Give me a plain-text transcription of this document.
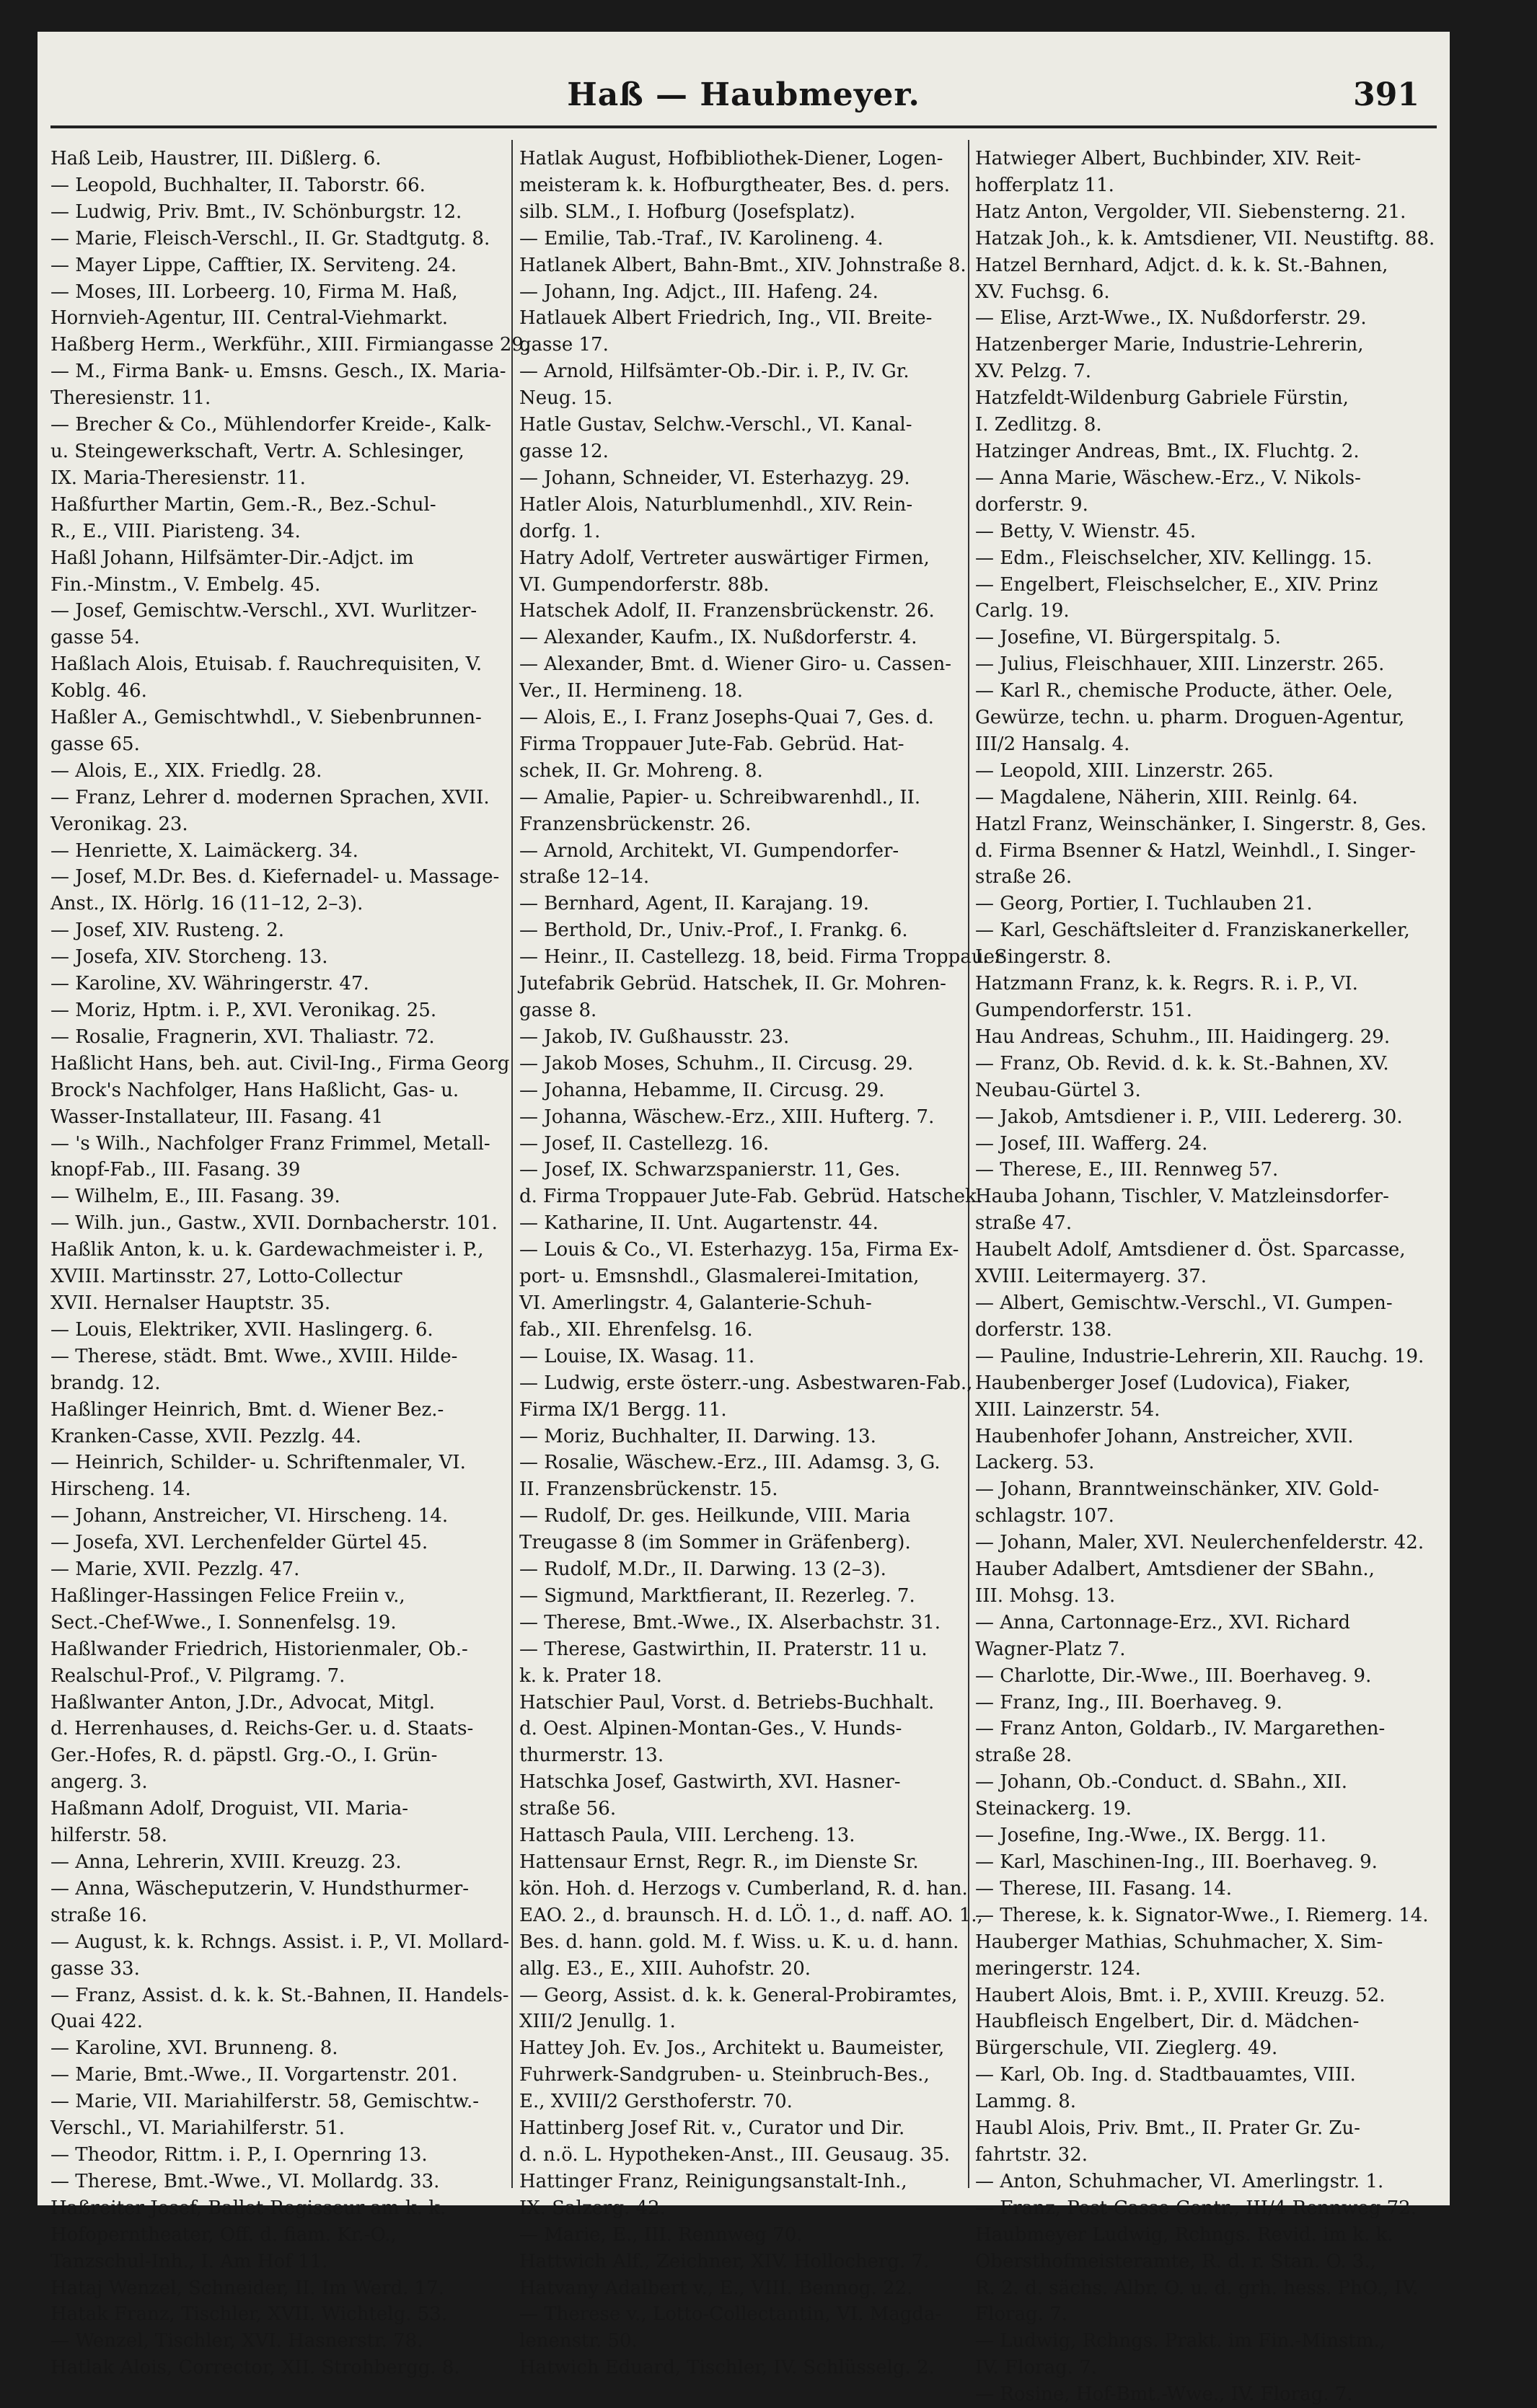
Haß — Haubmeyer.	391
Haß Leib, Haustrer, III. Dißlerg. 6.
— Leopold, Buchhalter, II. Taborstr. 66.
— Ludwig, Priv. Bmt., IV. Schönburgstr. 12.
— Marie, Fleisch-Verschl., II. Gr. Stadtgutg. 8.
— Mayer Lippe, Cafftier, IX. Serviteng. 24.
— Moses, III. Lorbeerg. 10, Firma M. Haß,
Hornvieh-Agentur, III. Central-Viehmarkt.
Haßberg Herm., Werkführ., XIII. Firmiangasse 29.
— M., Firma Bank- u. Emsns. Gesch., IX. Maria-
Theresienstr. 11.
— Brecher & Co., Mühlendorfer Kreide-, Kalk-
u. Steingewerkschaft, Vertr. A. Schlesinger,
IX. Maria-Theresienstr. 11.
Haßfurther Martin, Gem.-R., Bez.-Schul-
R., E., VIII. Piaristeng. 34.
Haßl Johann, Hilfsämter-Dir.-Adjct. im
Fin.-Minstm., V. Embelg. 45.
— Josef, Gemischtw.-Verschl., XVI. Wurlitzer-
gasse 54.
Haßlach Alois, Etuisab. f. Rauchrequisiten, V.
Koblg. 46.
Haßler A., Gemischtwhdl., V. Siebenbrunnen-
gasse 65.
— Alois, E., XIX. Friedlg. 28.
— Franz, Lehrer d. modernen Sprachen, XVII.
Veronikag. 23.
— Henriette, X. Laimäckerg. 34.
— Josef, M.Dr. Bes. d. Kiefernadel- u. Massage-
Anst., IX. Hörlg. 16 (11–12, 2–3).
— Josef, XIV. Rusteng. 2.
— Josefa, XIV. Storcheng. 13.
— Karoline, XV. Währingerstr. 47.
— Moriz, Hptm. i. P., XVI. Veronikag. 25.
— Rosalie, Fragnerin, XVI. Thaliastr. 72.
Haßlicht Hans, beh. aut. Civil-Ing., Firma Georg
Brock's Nachfolger, Hans Haßlicht, Gas- u.
Wasser-Installateur, III. Fasang. 41
— 's Wilh., Nachfolger Franz Frimmel, Metall-
knopf-Fab., III. Fasang. 39
— Wilhelm, E., III. Fasang. 39.
— Wilh. jun., Gastw., XVII. Dornbacherstr. 101.
Haßlik Anton, k. u. k. Gardewachmeister i. P.,
XVIII. Martinsstr. 27, Lotto-Collectur
XVII. Hernalser Hauptstr. 35.
— Louis, Elektriker, XVII. Haslingerg. 6.
— Therese, städt. Bmt. Wwe., XVIII. Hilde-
brandg. 12.
Haßlinger Heinrich, Bmt. d. Wiener Bez.-
Kranken-Casse, XVII. Pezzlg. 44.
— Heinrich, Schilder- u. Schriftenmaler, VI.
Hirscheng. 14.
— Johann, Anstreicher, VI. Hirscheng. 14.
— Josefa, XVI. Lerchenfelder Gürtel 45.
— Marie, XVII. Pezzlg. 47.
Haßlinger-Hassingen Felice Freiin v.,
Sect.-Chef-Wwe., I. Sonnenfelsg. 19.
Haßlwander Friedrich, Historienmaler, Ob.-
Realschul-Prof., V. Pilgramg. 7.
Haßlwanter Anton, J.Dr., Advocat, Mitgl.
d. Herrenhauses, d. Reichs-Ger. u. d. Staats-
Ger.-Hofes, R. d. päpstl. Grg.-O., I. Grün-
angerg. 3.
Haßmann Adolf, Droguist, VII. Maria-
hilferstr. 58.
— Anna, Lehrerin, XVIII. Kreuzg. 23.
— Anna, Wäscheputzerin, V. Hundsthurmer-
straße 16.
— August, k. k. Rchngs. Assist. i. P., VI. Mollard-
gasse 33.
— Franz, Assist. d. k. k. St.-Bahnen, II. Handels-
Quai 422.
— Karoline, XVI. Brunneng. 8.
— Marie, Bmt.-Wwe., II. Vorgartenstr. 201.
— Marie, VII. Mariahilferstr. 58, Gemischtw.-
Verschl., VI. Mariahilferstr. 51.
— Theodor, Rittm. i. P., I. Opernring 13.
— Therese, Bmt.-Wwe., VI. Mollardg. 33.
Haßreiter Josef, Ballet-Regisseur am k. k.
Hofoperntheater, Off. d. fiam. Kr.-O.,
Tanzschul-Inh., I. Am Hof 11.
Hataj Wenzel, Schneider, II. Im Werd. 17.
Hatak Franz, Tischler, XVII. Wichtelg. 53.
— Wenzel, Tischler, XVI. Hasnerstr. 78.
Hatlak Alois, Corrector, XII. Strohbergg. 8.
Hatlak August, Hofbibliothek-Diener, Logen-
meisteram k. k. Hofburgtheater, Bes. d. pers.
silb. SLM., I. Hofburg (Josefsplatz).
— Emilie, Tab.-Traf., IV. Karolineng. 4.
Hatlanek Albert, Bahn-Bmt., XIV. Johnstraße 8.
— Johann, Ing. Adjct., III. Hafeng. 24.
Hatlauek Albert Friedrich, Ing., VII. Breite-
gasse 17.
— Arnold, Hilfsämter-Ob.-Dir. i. P., IV. Gr.
Neug. 15.
Hatle Gustav, Selchw.-Verschl., VI. Kanal-
gasse 12.
— Johann, Schneider, VI. Esterhazyg. 29.
Hatler Alois, Naturblumenhdl., XIV. Rein-
dorfg. 1.
Hatry Adolf, Vertreter auswärtiger Firmen,
VI. Gumpendorferstr. 88b.
Hatschek Adolf, II. Franzensbrückenstr. 26.
— Alexander, Kaufm., IX. Nußdorferstr. 4.
— Alexander, Bmt. d. Wiener Giro- u. Cassen-
Ver., II. Hermineng. 18.
— Alois, E., I. Franz Josephs-Quai 7, Ges. d.
Firma Troppauer Jute-Fab. Gebrüd. Hat-
schek, II. Gr. Mohreng. 8.
— Amalie, Papier- u. Schreibwarenhdl., II.
Franzensbrückenstr. 26.
— Arnold, Architekt, VI. Gumpendorfer-
straße 12–14.
— Bernhard, Agent, II. Karajang. 19.
— Berthold, Dr., Univ.-Prof., I. Frankg. 6.
— Heinr., II. Castellezg. 18, beid. Firma Troppauer
Jutefabrik Gebrüd. Hatschek, II. Gr. Mohren-
gasse 8.
— Jakob, IV. Gußhausstr. 23.
— Jakob Moses, Schuhm., II. Circusg. 29.
— Johanna, Hebamme, II. Circusg. 29.
— Johanna, Wäschew.-Erz., XIII. Hufterg. 7.
— Josef, II. Castellezg. 16.
— Josef, IX. Schwarzspanierstr. 11, Ges.
d. Firma Troppauer Jute-Fab. Gebrüd. Hatschek.
— Katharine, II. Unt. Augartenstr. 44.
— Louis & Co., VI. Esterhazyg. 15a, Firma Ex-
port- u. Emsnshdl., Glasmalerei-Imitation,
VI. Amerlingstr. 4, Galanterie-Schuh-
fab., XII. Ehrenfelsg. 16.
— Louise, IX. Wasag. 11.
— Ludwig, erste österr.-ung. Asbestwaren-Fab.,
Firma IX/1 Bergg. 11.
— Moriz, Buchhalter, II. Darwing. 13.
— Rosalie, Wäschew.-Erz., III. Adamsg. 3, G.
II. Franzensbrückenstr. 15.
— Rudolf, Dr. ges. Heilkunde, VIII. Maria
Treugasse 8 (im Sommer in Gräfenberg).
— Rudolf, M.Dr., II. Darwing. 13 (2–3).
— Sigmund, Marktfierant, II. Rezerleg. 7.
— Therese, Bmt.-Wwe., IX. Alserbachstr. 31.
— Therese, Gastwirthin, II. Praterstr. 11 u.
k. k. Prater 18.
Hatschier Paul, Vorst. d. Betriebs-Buchhalt.
d. Oest. Alpinen-Montan-Ges., V. Hunds-
thurmerstr. 13.
Hatschka Josef, Gastwirth, XVI. Hasner-
straße 56.
Hattasch Paula, VIII. Lercheng. 13.
Hattensaur Ernst, Regr. R., im Dienste Sr.
kön. Hoh. d. Herzogs v. Cumberland, R. d. han.
EAO. 2., d. braunsch. H. d. LÖ. 1., d. naff. AO. 1.,
Bes. d. hann. gold. M. f. Wiss. u. K. u. d. hann.
allg. E3., E., XIII. Auhofstr. 20.
— Georg, Assist. d. k. k. General-Probiramtes,
XIII/2 Jenullg. 1.
Hattey Joh. Ev. Jos., Architekt u. Baumeister,
Fuhrwerk-Sandgruben- u. Steinbruch-Bes.,
E., XVIII/2 Gersthoferstr. 70.
Hattinberg Josef Rit. v., Curator und Dir.
d. n.ö. L. Hypotheken-Anst., III. Geusaug. 35.
Hattinger Franz, Reinigungsanstalt-Inh.,
IX. Salzerg. 42.
— Marie, E., III. Rennweg 70.
Hattwich Alf., Zeichner, XIV. Hollocherg. 7.
Hatvany Adalbert v., E., VIII. Bennog. 22.
— Therese v., Lotto-Collectantin, VI. Magda-
lenenstr. 50.
Hatwich Eduard, Tischler, IV. Schlüsselg. 2.
Hatwieger Albert, Buchbinder, XIV. Reit-
hofferplatz 11.
Hatz Anton, Vergolder, VII. Siebensterng. 21.
Hatzak Joh., k. k. Amtsdiener, VII. Neustiftg. 88.
Hatzel Bernhard, Adjct. d. k. k. St.-Bahnen,
XV. Fuchsg. 6.
— Elise, Arzt-Wwe., IX. Nußdorferstr. 29.
Hatzenberger Marie, Industrie-Lehrerin,
XV. Pelzg. 7.
Hatzfeldt-Wildenburg Gabriele Fürstin,
I. Zedlitzg. 8.
Hatzinger Andreas, Bmt., IX. Fluchtg. 2.
— Anna Marie, Wäschew.-Erz., V. Nikols-
dorferstr. 9.
— Betty, V. Wienstr. 45.
— Edm., Fleischselcher, XIV. Kellingg. 15.
— Engelbert, Fleischselcher, E., XIV. Prinz
Carlg. 19.
— Josefine, VI. Bürgerspitalg. 5.
— Julius, Fleischhauer, XIII. Linzerstr. 265.
— Karl R., chemische Producte, äther. Oele,
Gewürze, techn. u. pharm. Droguen-Agentur,
III/2 Hansalg. 4.
— Leopold, XIII. Linzerstr. 265.
— Magdalene, Näherin, XIII. Reinlg. 64.
Hatzl Franz, Weinschänker, I. Singerstr. 8, Ges.
d. Firma Bsenner & Hatzl, Weinhdl., I. Singer-
straße 26.
— Georg, Portier, I. Tuchlauben 21.
— Karl, Geschäftsleiter d. Franziskanerkeller,
I. Singerstr. 8.
Hatzmann Franz, k. k. Regrs. R. i. P., VI.
Gumpendorferstr. 151.
Hau Andreas, Schuhm., III. Haidingerg. 29.
— Franz, Ob. Revid. d. k. k. St.-Bahnen, XV.
Neubau-Gürtel 3.
— Jakob, Amtsdiener i. P., VIII. Ledererg. 30.
— Josef, III. Wafferg. 24.
— Therese, E., III. Rennweg 57.
Hauba Johann, Tischler, V. Matzleinsdorfer-
straße 47.
Haubelt Adolf, Amtsdiener d. Öst. Sparcasse,
XVIII. Leitermayerg. 37.
— Albert, Gemischtw.-Verschl., VI. Gumpen-
dorferstr. 138.
— Pauline, Industrie-Lehrerin, XII. Rauchg. 19.
Haubenberger Josef (Ludovica), Fiaker,
XIII. Lainzerstr. 54.
Haubenhofer Johann, Anstreicher, XVII.
Lackerg. 53.
— Johann, Branntweinschänker, XIV. Gold-
schlagstr. 107.
— Johann, Maler, XVI. Neulerchenfelderstr. 42.
Hauber Adalbert, Amtsdiener der SBahn.,
III. Mohsg. 13.
— Anna, Cartonnage-Erz., XVI. Richard
Wagner-Platz 7.
— Charlotte, Dir.-Wwe., III. Boerhaveg. 9.
— Franz, Ing., III. Boerhaveg. 9.
— Franz Anton, Goldarb., IV. Margarethen-
straße 28.
— Johann, Ob.-Conduct. d. SBahn., XII.
Steinackerg. 19.
— Josefine, Ing.-Wwe., IX. Bergg. 11.
— Karl, Maschinen-Ing., III. Boerhaveg. 9.
— Therese, III. Fasang. 14.
— Therese, k. k. Signator-Wwe., I. Riemerg. 14.
Hauberger Mathias, Schuhmacher, X. Sim-
meringerstr. 124.
Haubert Alois, Bmt. i. P., XVIII. Kreuzg. 52.
Haubfleisch Engelbert, Dir. d. Mädchen-
Bürgerschule, VII. Zieglerg. 49.
— Karl, Ob. Ing. d. Stadtbauamtes, VIII.
Lammg. 8.
Haubl Alois, Priv. Bmt., II. Prater Gr. Zu-
fahrtstr. 32.
— Anton, Schuhmacher, VI. Amerlingstr. 1.
— Franz, Post-Casse-Contr., III/4 Rennweg 72.
Haubmeyer Ludwig, Rchngs. Revid. im k. k.
Obersthofmeisteramte, R. d. r. Stan. O. 3.,
R. 2. d. sächs. Albr. O. u. d. grh. hess. PhO., IV.
Florag. 7.
— Ludwig, Rchngs. Prakt. im Fin.-Minstm.,
IV. Florag. 7.
— Rosine, Hof-Bmt.-Wwe., IV. Florag. 7.
